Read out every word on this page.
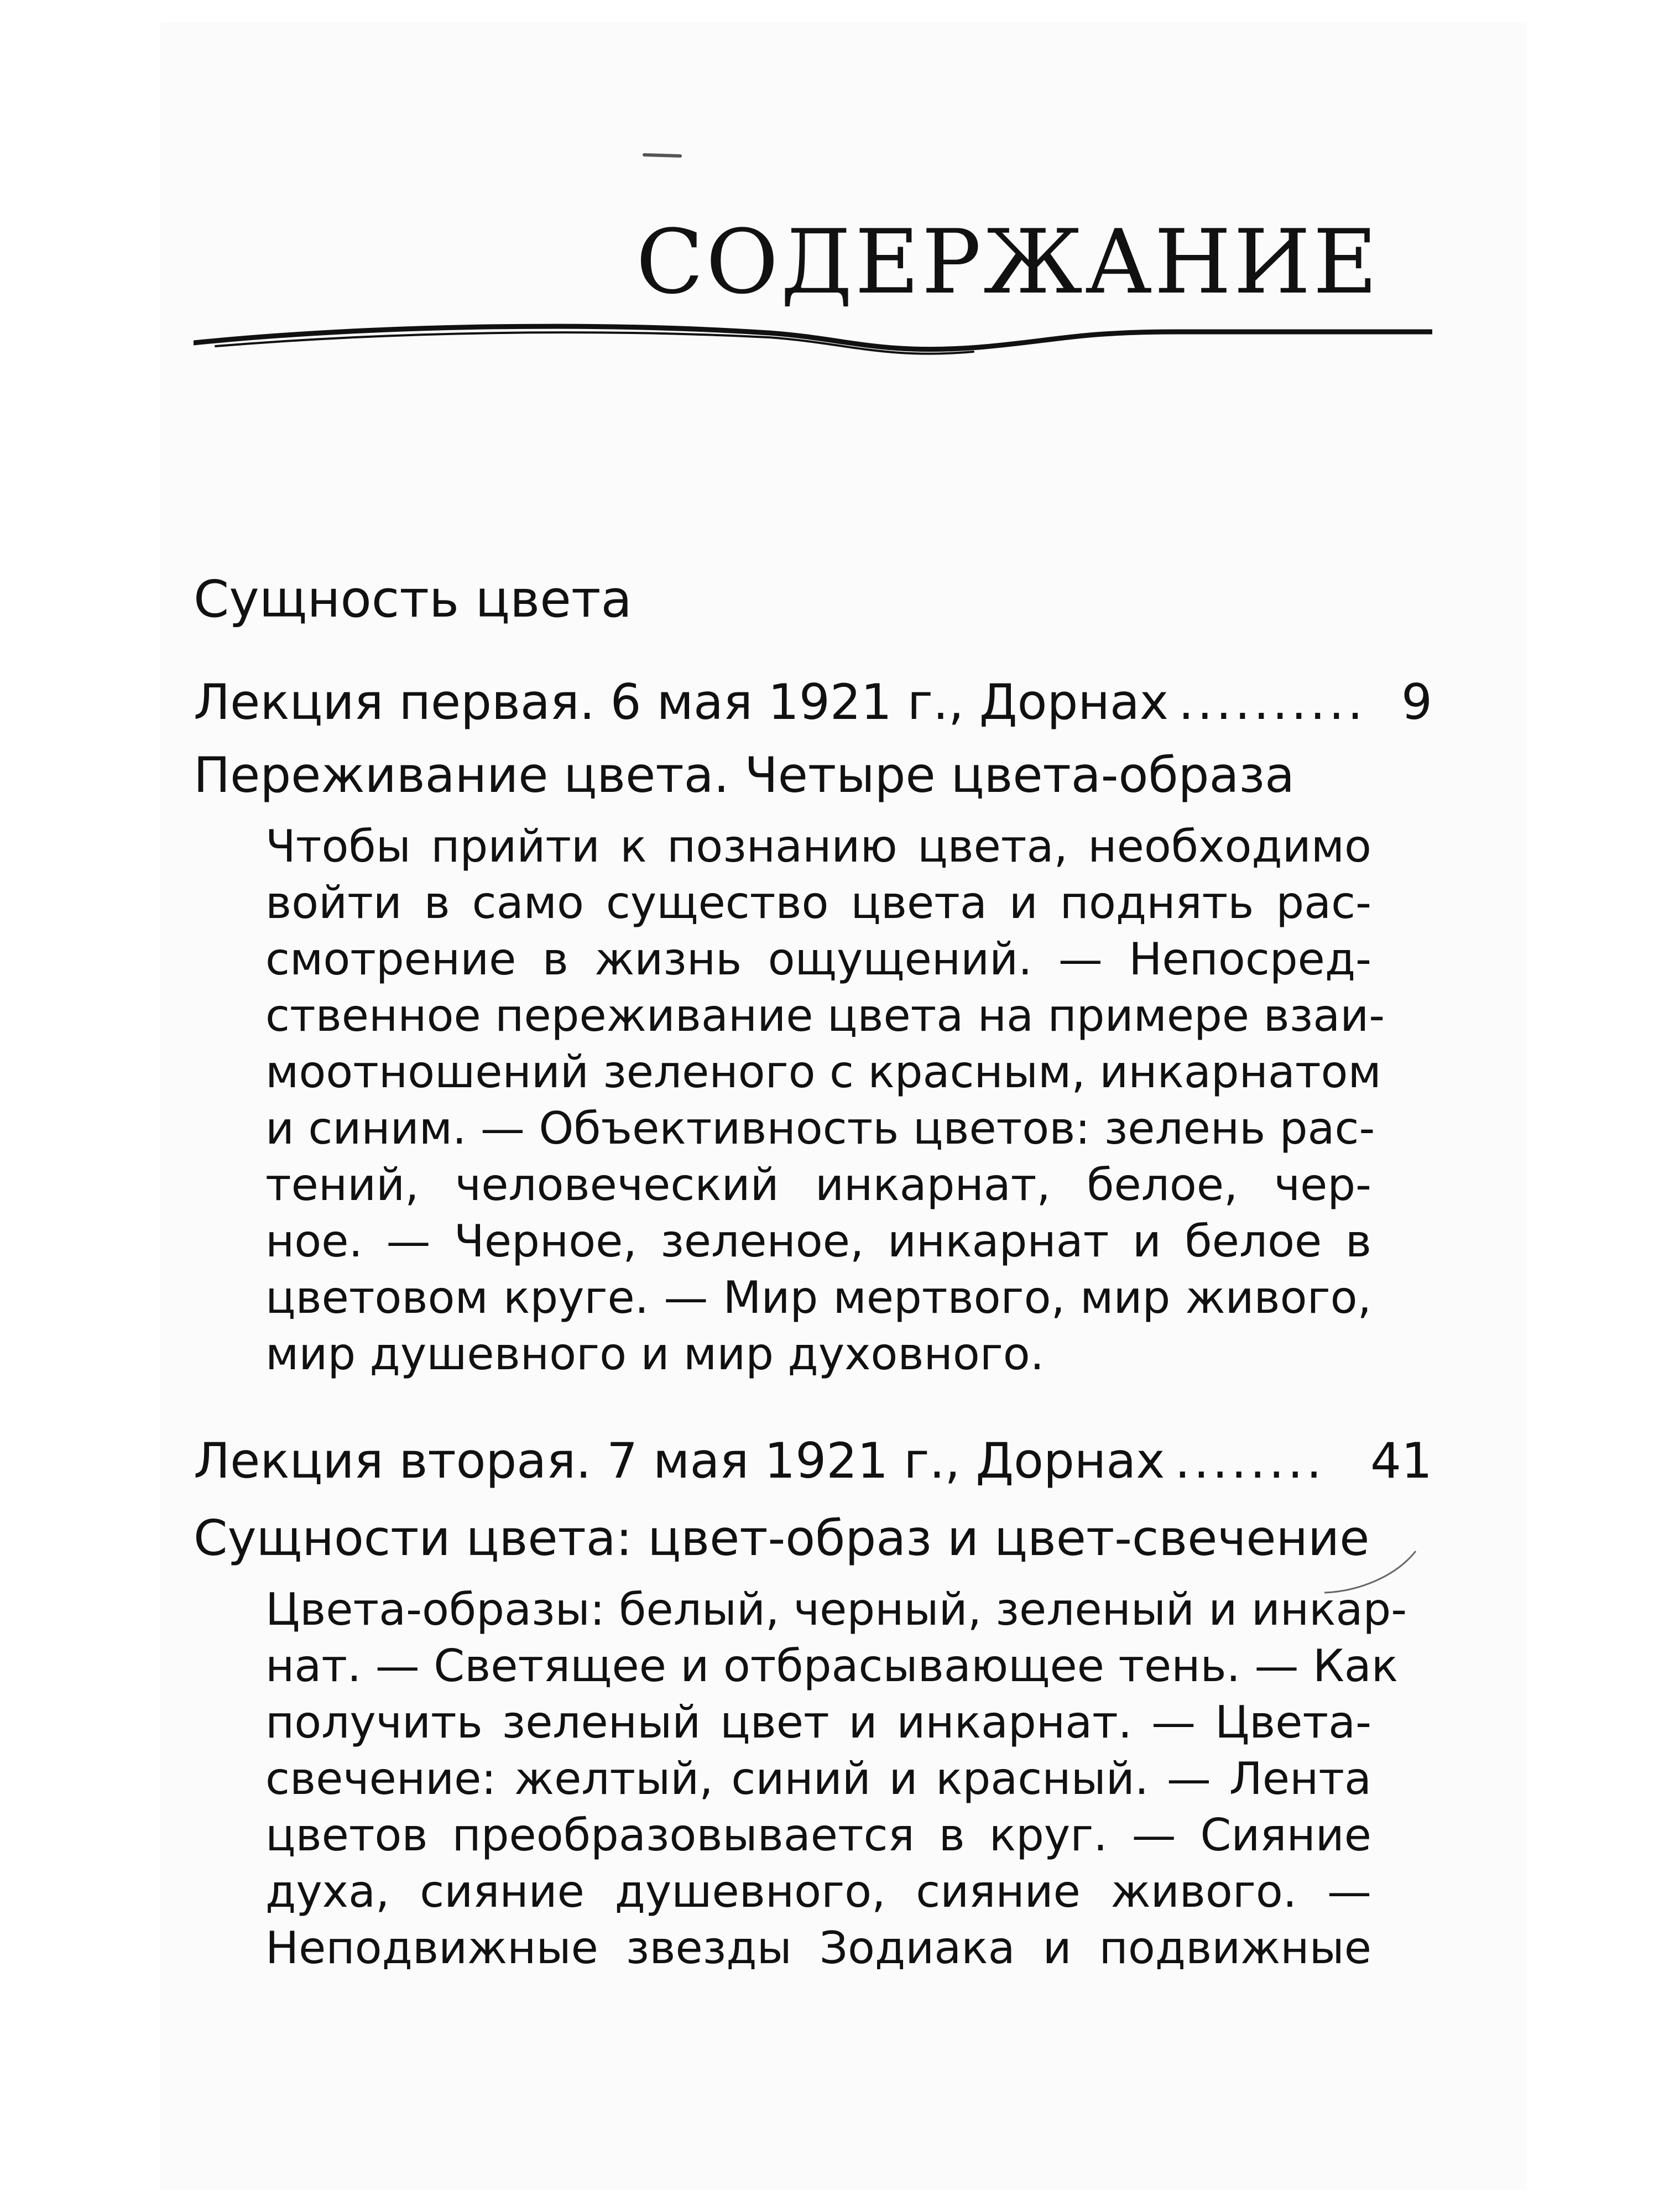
СОДЕРЖАНИЕ
Сущность цвета
Лекция первая. 6 мая 1921 г., Дорнах .......... 9
Переживание цвета. Четыре цвета-образа
Чтобы прийти к познанию цвета, необходимо
войти в само существо цвета и поднять рас-
смотрение в жизнь ощущений. — Непосред-
ственное переживание цвета на примере взаи-
моотношений зеленого с красным, инкарнатом
и синим. — Объективность цветов: зелень рас-
тений, человеческий инкарнат, белое, чер-
ное. — Черное, зеленое, инкарнат и белое в
цветовом круге. — Мир мертвого, мир живого,
мир душевного и мир духовного.
Лекция вторая. 7 мая 1921 г., Дорнах ........ 41
Сущности цвета: цвет-образ и цвет-свечение
Цвета-образы: белый, черный, зеленый и инкар-
нат. — Светящее и отбрасывающее тень. — Как
получить зеленый цвет и инкарнат. — Цвета-
свечение: желтый, синий и красный. — Лента
цветов преобразовывается в круг. — Сияние
духа, сияние душевного, сияние живого. —
Неподвижные звезды Зодиака и подвижные
